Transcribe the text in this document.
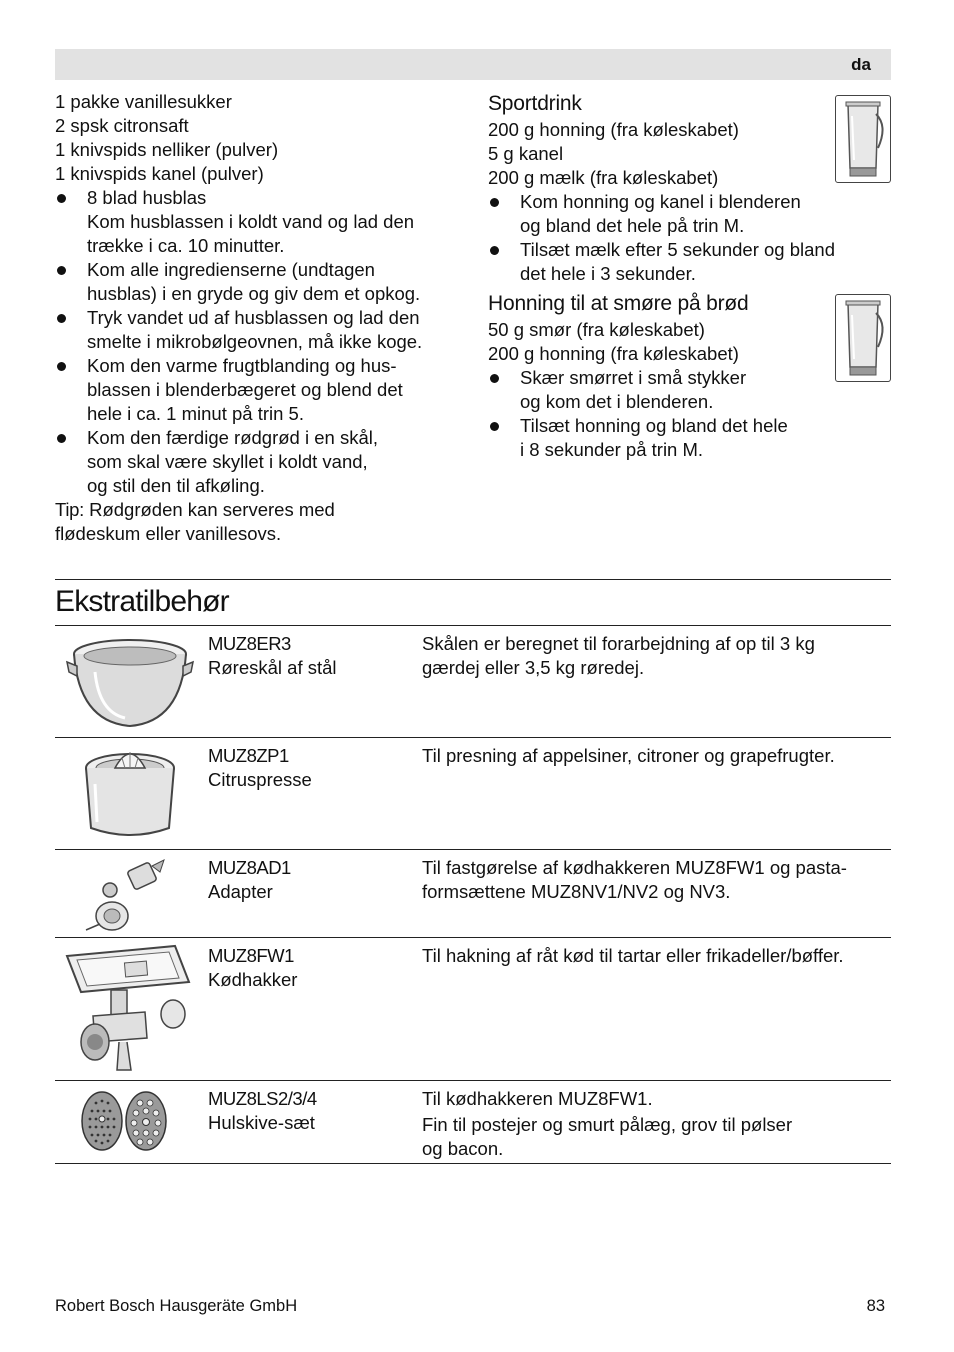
da
1 pakke vanillesukker
2 spsk citronsaft
1 knivspids nelliker (pulver)
1 knivspids kanel (pulver)
8 blad husblas
Kom husblassen i koldt vand og lad den
trække i ca. 10 minutter.
Kom alle ingredienserne (undtagen
husblas) i en gryde og giv dem et opkog.
Tryk vandet ud af husblassen og lad den
smelte i mikrobølgeovnen, må ikke koge.
Kom den varme frugtblanding og hus-
blassen i blenderbægeret og blend det
hele i ca. 1 minut på trin 5.
Kom den færdige rødgrød i en skål,
som skal være skyllet i koldt vand,
og stil den til afkøling.
Tip: Rødgrøden kan serveres med
flødeskum eller vanillesovs.
Sportdrink
200 g honning (fra køleskabet)
5 g kanel
200 g mælk (fra køleskabet)
Kom honning og kanel i blenderen
og bland det hele på trin M.
Tilsæt mælk efter 5 sekunder og bland
det hele i 3 sekunder.
Honning til at smøre på brød
50 g smør (fra køleskabet)
200 g honning (fra køleskabet)
Skær smørret i små stykker
og kom det i blenderen.
Tilsæt honning og bland det hele
i 8 sekunder på trin M.
Ekstratilbehør
MUZ8ER3
Røreskål af stål
Skålen er beregnet til forarbejdning af op til 3 kg
gærdej eller 3,5 kg røredej.
MUZ8ZP1
Citruspresse
Til presning af appelsiner, citroner og grapefrugter.
MUZ8AD1
Adapter
Til fastgørelse af kødhakkeren MUZ8FW1 og pasta-
formsættene MUZ8NV1/NV2 og NV3.
MUZ8FW1
Kødhakker
Til hakning af råt kød til tartar eller frikadeller/bøffer.
MUZ8LS2/3/4
Hulskive-sæt
Til kødhakkeren MUZ8FW1.
Fin til postejer og smurt pålæg, grov til pølser
og bacon.
Robert Bosch Hausgeräte GmbH	83
